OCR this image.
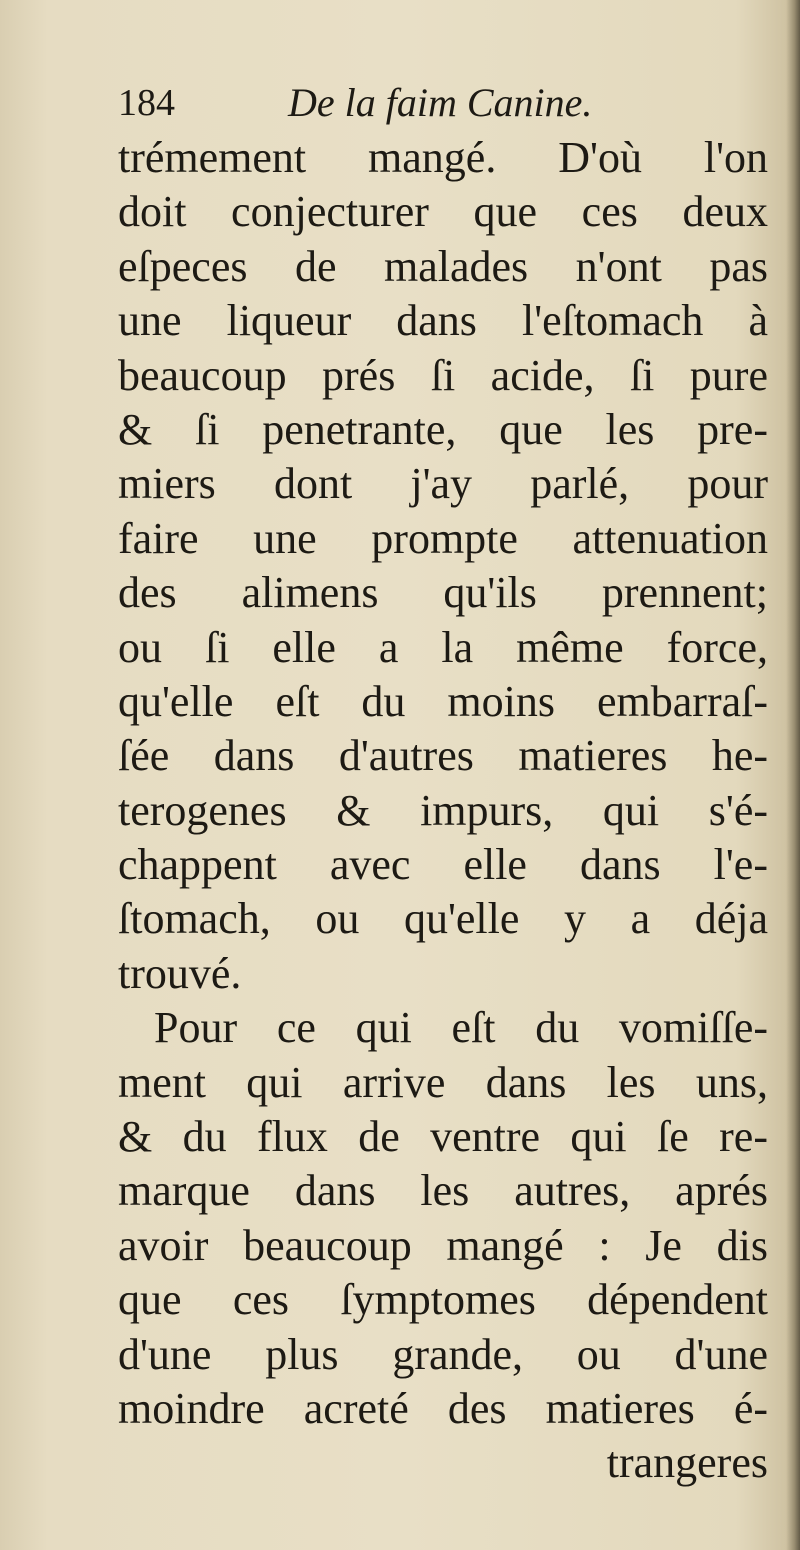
184	De la faim Canine.
trémement mangé. D'où l'on
doit conjecturer que ces deux
eſpeces de malades n'ont pas
une liqueur dans l'eſtomach à
beaucoup prés ſi acide, ſi pure
& ſi penetrante, que les pre-
miers dont j'ay parlé, pour
faire une prompte attenuation
des alimens qu'ils prennent;
ou ſi elle a la même force,
qu'elle eſt du moins embarraſ-
ſée dans d'autres matieres he-
terogenes & impurs, qui s'é-
chappent avec elle dans l'e-
ſtomach, ou qu'elle y a déja
trouvé.
Pour ce qui eſt du vomiſſe-
ment qui arrive dans les uns,
& du flux de ventre qui ſe re-
marque dans les autres, aprés
avoir beaucoup mangé : Je dis
que ces ſymptomes dépendent
d'une plus grande, ou d'une
moindre acreté des matieres é-
trangeres
